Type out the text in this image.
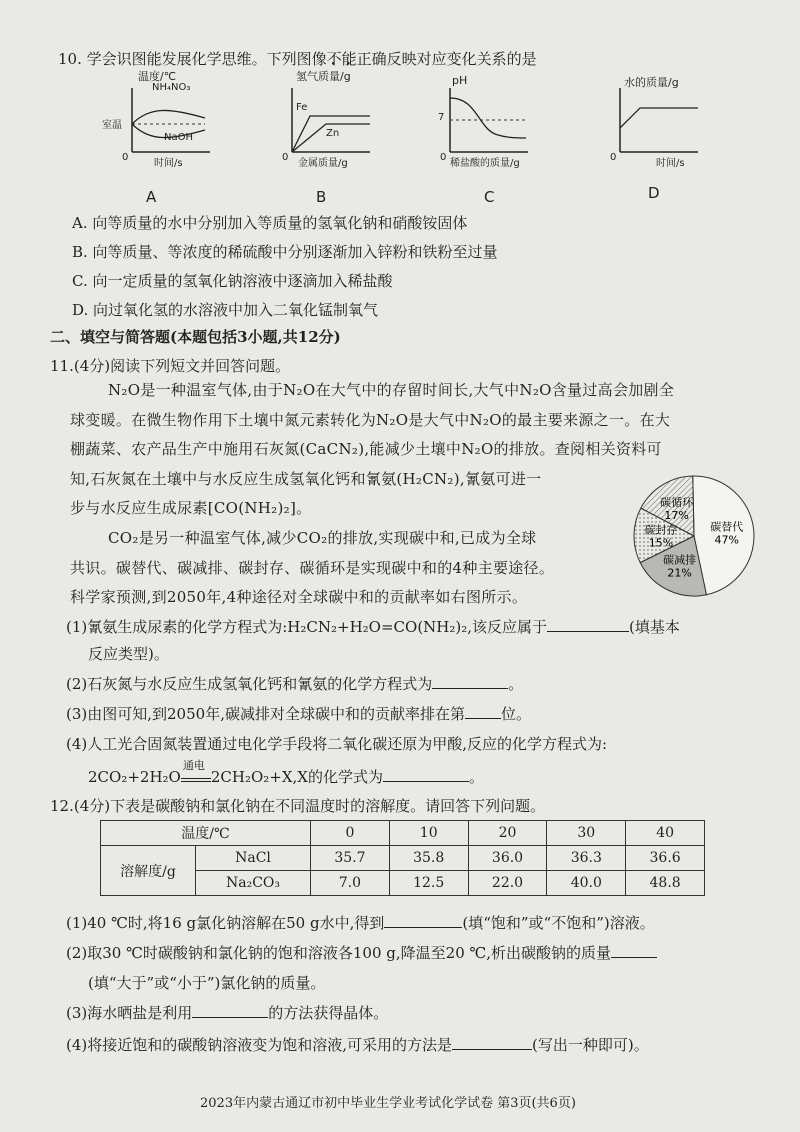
10. 学会识图能发展化学思维。下列图像不能正确反映对应变化关系的是
温度/℃
NH₄NO₃
NaOH
室温
0
时间/s
A
氢气质量/g
Fe
Zn
0
金属质量/g
B
pH
7
0
稀盐酸的质量/g
C
水的质量/g
0
时间/s
D
A. 向等质量的水中分别加入等质量的氢氧化钠和硝酸铵固体
B. 向等质量、等浓度的稀硫酸中分别逐渐加入锌粉和铁粉至过量
C. 向一定质量的氢氧化钠溶液中逐滴加入稀盐酸
D. 向过氧化氢的水溶液中加入二氧化锰制氧气
二、填空与简答题(本题包括3小题,共12分)
11.(4分)阅读下列短文并回答问题。
N₂O是一种温室气体,由于N₂O在大气中的存留时间长,大气中N₂O含量过高会加剧全
球变暖。在微生物作用下土壤中氮元素转化为N₂O是大气中N₂O的最主要来源之一。在大
棚蔬菜、农产品生产中施用石灰氮(CaCN₂),能减少土壤中N₂O的排放。查阅相关资料可
知,石灰氮在土壤中与水反应生成氢氧化钙和氰氨(H₂CN₂),氰氨可进一
步与水反应生成尿素[CO(NH₂)₂]。
CO₂是另一种温室气体,减少CO₂的排放,实现碳中和,已成为全球
共识。碳替代、碳减排、碳封存、碳循环是实现碳中和的4种主要途径。
科学家预测,到2050年,4种途径对全球碳中和的贡献率如右图所示。
碳替代
47%
碳减排
21%
碳封存
15%
碳循环
17%
(1)氰氨生成尿素的化学方程式为:H₂CN₂+H₂O=CO(NH₂)₂,该反应属于	(填基本
反应类型)。
(2)石灰氮与水反应生成氢氧化钙和氰氨的化学方程式为	。
(3)由图可知,到2050年,碳减排对全球碳中和的贡献率排在第 位。
(4)人工光合固氮装置通过电化学手段将二氧化碳还原为甲酸,反应的化学方程式为:
2CO₂+2H₂O
通电
2CH₂O₂+X,X的化学式为	。
12.(4分)下表是碳酸钠和氯化钠在不同温度时的溶解度。请回答下列问题。
温度/℃		0	10	20	30	40
溶解度/g	NaCl	35.7	35.8	36.0	36.3	36.6
	Na₂CO₃	7.0	12.5	22.0	40.0	48.8
(1)40 ℃时,将16 g氯化钠溶解在50 g水中,得到	(填“饱和”或“不饱和”)溶液。
(2)取30 ℃时碳酸钠和氯化钠的饱和溶液各100 g,降温至20 ℃,析出碳酸钠的质量
(填“大于”或“小于”)氯化钠的质量。
(3)海水晒盐是利用	的方法获得晶体。
(4)将接近饱和的碳酸钠溶液变为饱和溶液,可采用的方法是	(写出一种即可)。
2023年内蒙古通辽市初中毕业生学业考试化学试卷 第3页(共6页)
